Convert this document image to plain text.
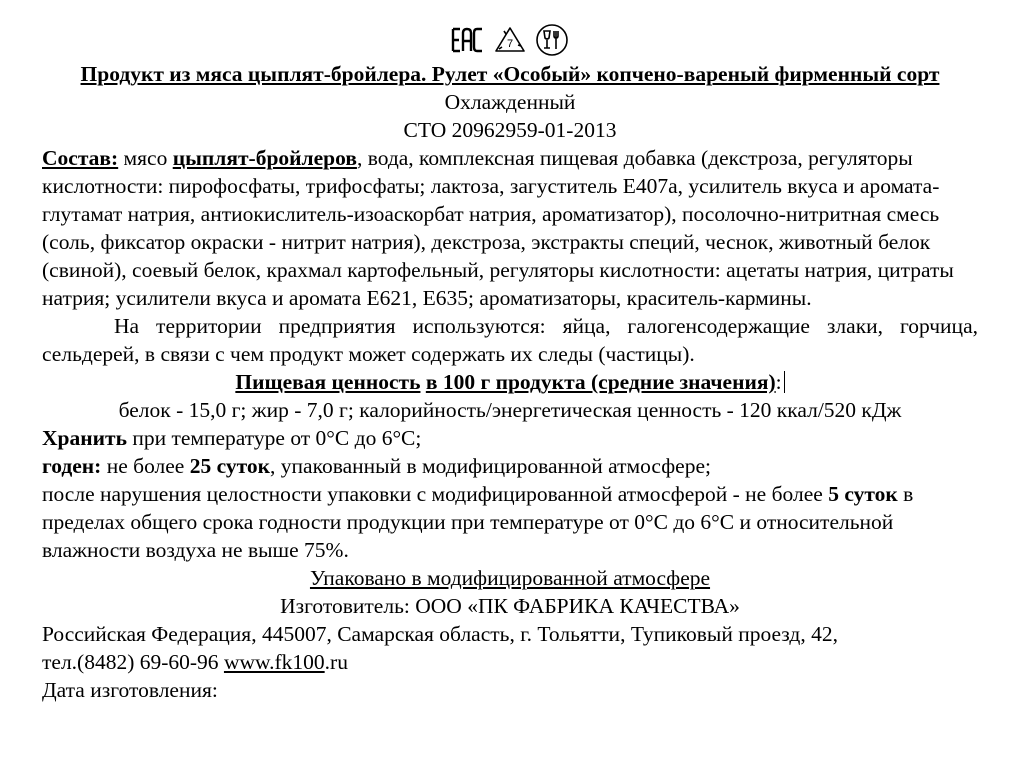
7

Продукт из мяса цыплят-бройлера. Рулет «Особый» копчено-вареный фирменный сорт

Охлажденный

СТО 20962959-01-2013

Состав: мясо цыплят-бройлеров, вода, комплексная пищевая добавка (декстроза, регуляторы кислотности: пирофосфаты, трифосфаты; лактоза, загуститель Е407а, усилитель вкуса и аромата-глутамат натрия, антиокислитель-изоаскорбат натрия, ароматизатор), посолочно-нитритная смесь (соль, фиксатор окраски - нитрит натрия), декстроза, экстракты специй, чеснок, животный белок (свиной), соевый белок, крахмал картофельный, регуляторы кислотности: ацетаты натрия, цитраты натрия; усилители вкуса и аромата Е621, Е635; ароматизаторы, краситель-кармины.

На территории предприятия используются: яйца, галогенсодержащие злаки, горчица, сельдерей, в связи с чем продукт может содержать их следы (частицы).

Пищевая ценность в 100 г продукта (средние значения):

белок - 15,0 г; жир - 7,0 г; калорийность/энергетическая ценность - 120 ккал/520 кДж

Хранить при температуре от 0°С до 6°С;

годен: не более 25 суток, упакованный в модифицированной атмосфере;

после нарушения целостности упаковки с модифицированной атмосферой - не более 5 суток в пределах общего срока годности продукции при температуре от 0°С до 6°С и относительной влажности воздуха не выше 75%.

Упаковано в модифицированной атмосфере

Изготовитель: ООО «ПК ФАБРИКА КАЧЕСТВА»

Российская Федерация, 445007, Самарская область, г. Тольятти, Тупиковый проезд, 42,

тел.(8482) 69-60-96 www.fk100.ru

Дата изготовления:
